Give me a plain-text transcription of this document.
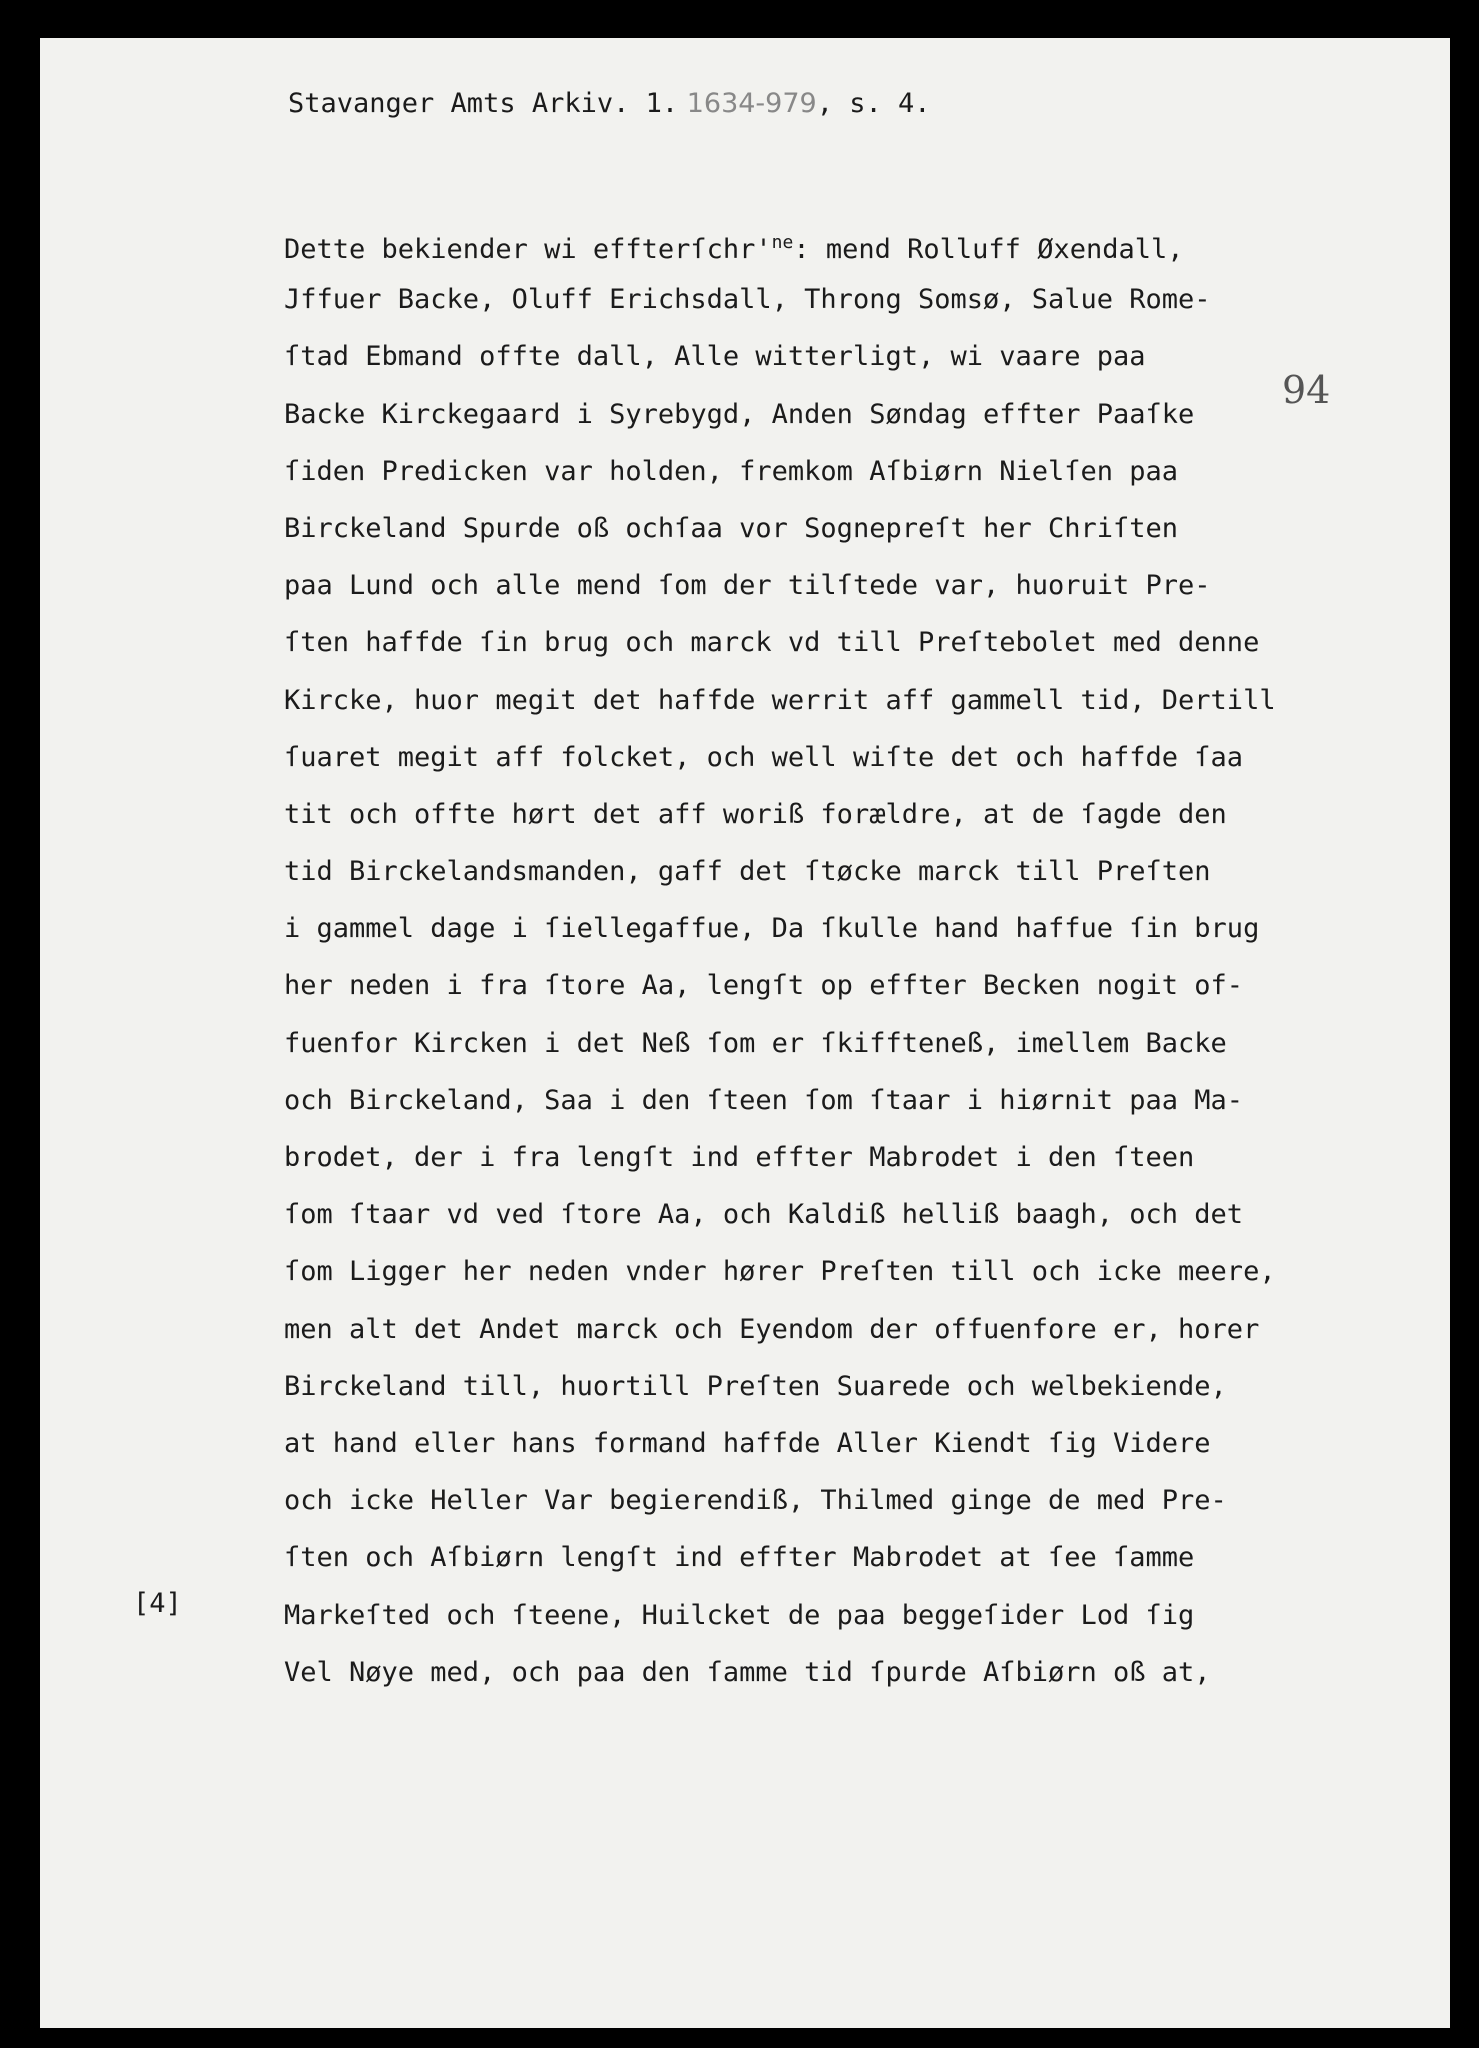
Stavanger Amts Arkiv. 1. 1634-979, s. 4.
94
[4]
Dette bekiender wi $effterſchr'^{ne}$: mend Rolluff Øxendall,
Jffuer Backe, Oluff Erichsdall, Throng Somsø, Salue Rome-
ſtad Ebmand offte dall, Alle witterligt, wi vaare paa
Backe Kirckegaard i Syrebygd, Anden Søndag effter Paaſke
ſiden Predicken var holden, fremkom Aſbiørn Nielſen paa
Birckeland Spurde oß ochſaa vor Sognepreſt her Chriſten
paa Lund och alle mend ſom der tilſtede var, huoruit Pre-
ſten haffde ſin brug och marck vd till Preſtebolet med denne
Kircke, huor megit det haffde werrit aff gammell tid, Dertill
ſuaret megit aff folcket, och well wiſte det och haffde ſaa
tit och offte hørt det aff woriß forældre, at de ſagde den
tid Birckelandsmanden, gaff det ſtøcke marck till Preſten
i gammel dage i ſiellegaffue, Da ſkulle hand haffue ſin brug
her neden i fra ſtore Aa, lengſt op effter Becken nogit of-
fuenfor Kircken i det Neß ſom er ſkiffteneß, imellem Backe
och Birckeland, Saa i den ſteen ſom ſtaar i hiørnit paa Ma-
brodet, der i fra lengſt ind effter Mabrodet i den ſteen
ſom ſtaar vd ved ſtore Aa, och Kaldiß helliß baagh, och det
ſom Ligger her neden vnder hører Preſten till och icke meere,
men alt det Andet marck och Eyendom der offuenfore er, horer
Birckeland till, huortill Preſten Suarede och welbekiende,
at hand eller hans formand haffde Aller Kiendt ſig Videre
och icke Heller Var begierendiß, Thilmed ginge de med Pre-
ſten och Aſbiørn lengſt ind effter Mabrodet at ſee ſamme
Markeſted och ſteene, Huilcket de paa beggeſider Lod ſig
Vel Nøye med, och paa den ſamme tid ſpurde Aſbiørn oß at,
